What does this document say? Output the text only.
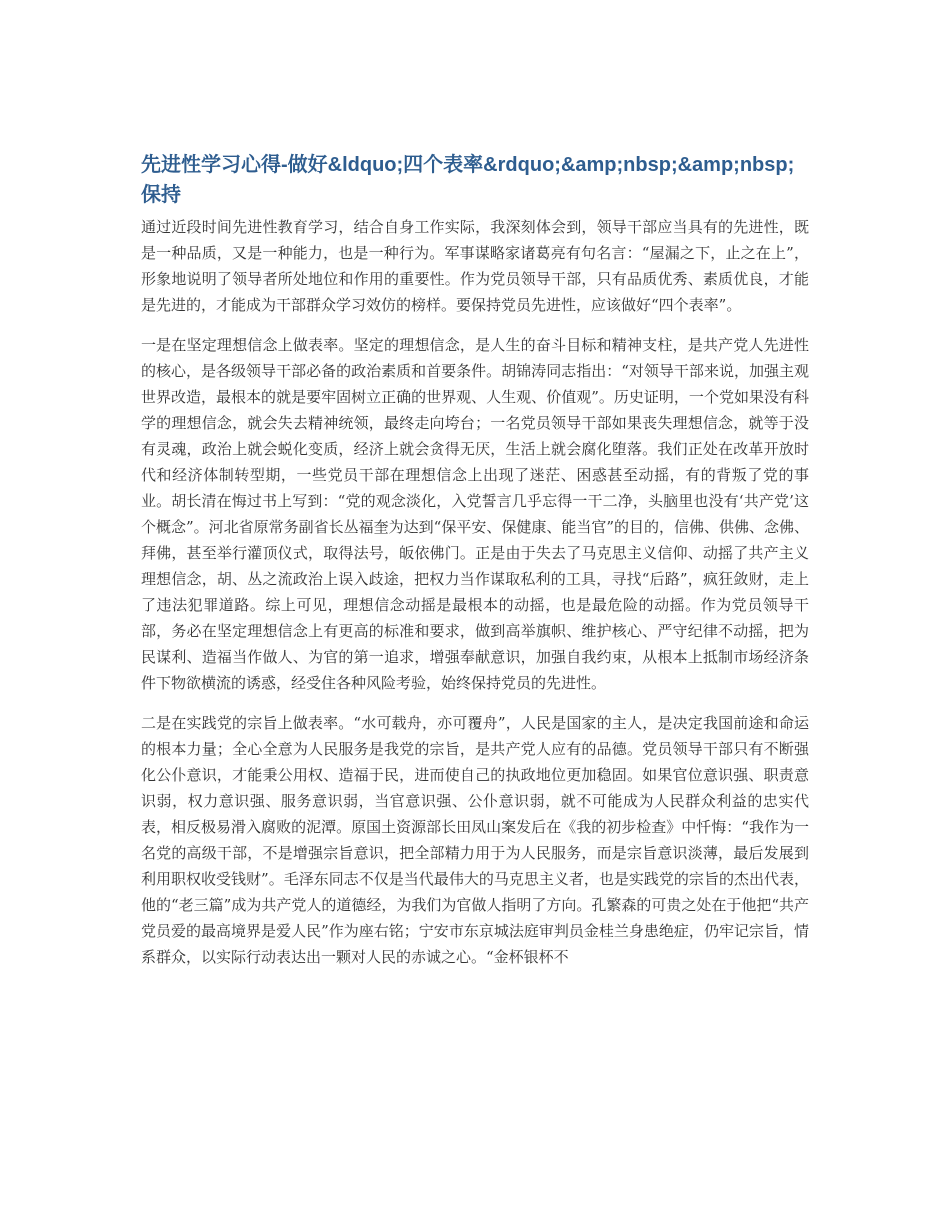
先进性学习心得-做好&ldquo;四个表率&rdquo;&amp;nbsp;&amp;nbsp;保持

通过近段时间先进性教育学习，结合自身工作实际，我深刻体会到，领导干部应当具有的先进性，既是一种品质，又是一种能力，也是一种行为。军事谋略家诸葛亮有句名言：“屋漏之下，止之在上”，形象地说明了领导者所处地位和作用的重要性。作为党员领导干部，只有品质优秀、素质优良，才能是先进的，才能成为干部群众学习效仿的榜样。要保持党员先进性，应该做好“四个表率”。

一是在坚定理想信念上做表率。坚定的理想信念，是人生的奋斗目标和精神支柱，是共产党人先进性的核心，是各级领导干部必备的政治素质和首要条件。胡锦涛同志指出：“对领导干部来说，加强主观世界改造，最根本的就是要牢固树立正确的世界观、人生观、价值观”。历史证明，一个党如果没有科学的理想信念，就会失去精神统领，最终走向垮台；一名党员领导干部如果丧失理想信念，就等于没有灵魂，政治上就会蜕化变质，经济上就会贪得无厌，生活上就会腐化堕落。我们正处在改革开放时代和经济体制转型期，一些党员干部在理想信念上出现了迷茫、困惑甚至动摇，有的背叛了党的事业。胡长清在悔过书上写到：“党的观念淡化，入党誓言几乎忘得一干二净，头脑里也没有‘共产党’这个概念”。河北省原常务副省长丛福奎为达到“保平安、保健康、能当官”的目的，信佛、供佛、念佛、拜佛，甚至举行灌顶仪式，取得法号，皈依佛门。正是由于失去了马克思主义信仰、动摇了共产主义理想信念，胡、丛之流政治上误入歧途，把权力当作谋取私利的工具，寻找“后路”，疯狂敛财，走上了违法犯罪道路。综上可见，理想信念动摇是最根本的动摇，也是最危险的动摇。作为党员领导干部，务必在坚定理想信念上有更高的标准和要求，做到高举旗帜、维护核心、严守纪律不动摇，把为民谋利、造福当作做人、为官的第一追求，增强奉献意识，加强自我约束，从根本上抵制市场经济条件下物欲横流的诱惑，经受住各种风险考验，始终保持党员的先进性。

二是在实践党的宗旨上做表率。“水可载舟，亦可覆舟”，人民是国家的主人，是决定我国前途和命运的根本力量；全心全意为人民服务是我党的宗旨，是共产党人应有的品德。党员领导干部只有不断强化公仆意识，才能秉公用权、造福于民，进而使自己的执政地位更加稳固。如果官位意识强、职责意识弱，权力意识强、服务意识弱，当官意识强、公仆意识弱，就不可能成为人民群众利益的忠实代表，相反极易滑入腐败的泥潭。原国土资源部长田凤山案发后在《我的初步检查》中忏悔：“我作为一名党的高级干部，不是增强宗旨意识，把全部精力用于为人民服务，而是宗旨意识淡薄，最后发展到利用职权收受钱财”。毛泽东同志不仅是当代最伟大的马克思主义者，也是实践党的宗旨的杰出代表，他的“老三篇”成为共产党人的道德经，为我们为官做人指明了方向。孔繁森的可贵之处在于他把“共产党员爱的最高境界是爱人民”作为座右铭；宁安市东京城法庭审判员金桂兰身患绝症，仍牢记宗旨，情系群众，以实际行动表达出一颗对人民的赤诚之心。“金杯银杯不
